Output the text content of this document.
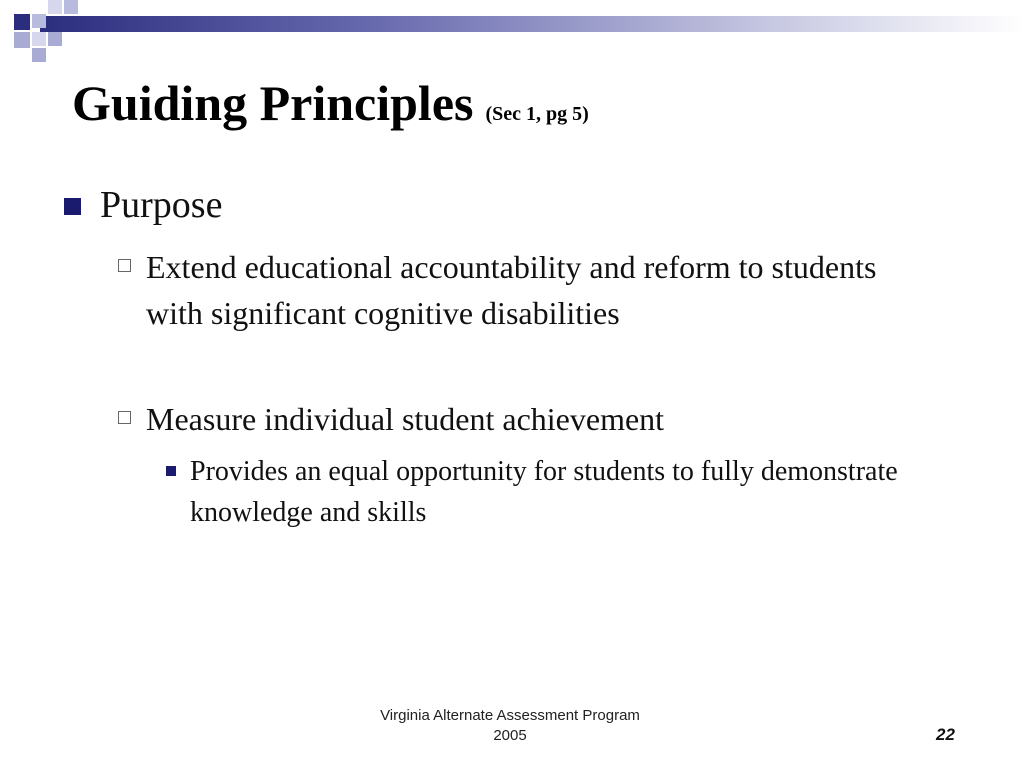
Guiding Principles (Sec 1, pg 5)
Purpose
Extend educational accountability and reform to students with significant cognitive disabilities
Measure individual student achievement
Provides an equal opportunity for students to fully demonstrate knowledge and skills
Virginia Alternate Assessment Program
2005	22
